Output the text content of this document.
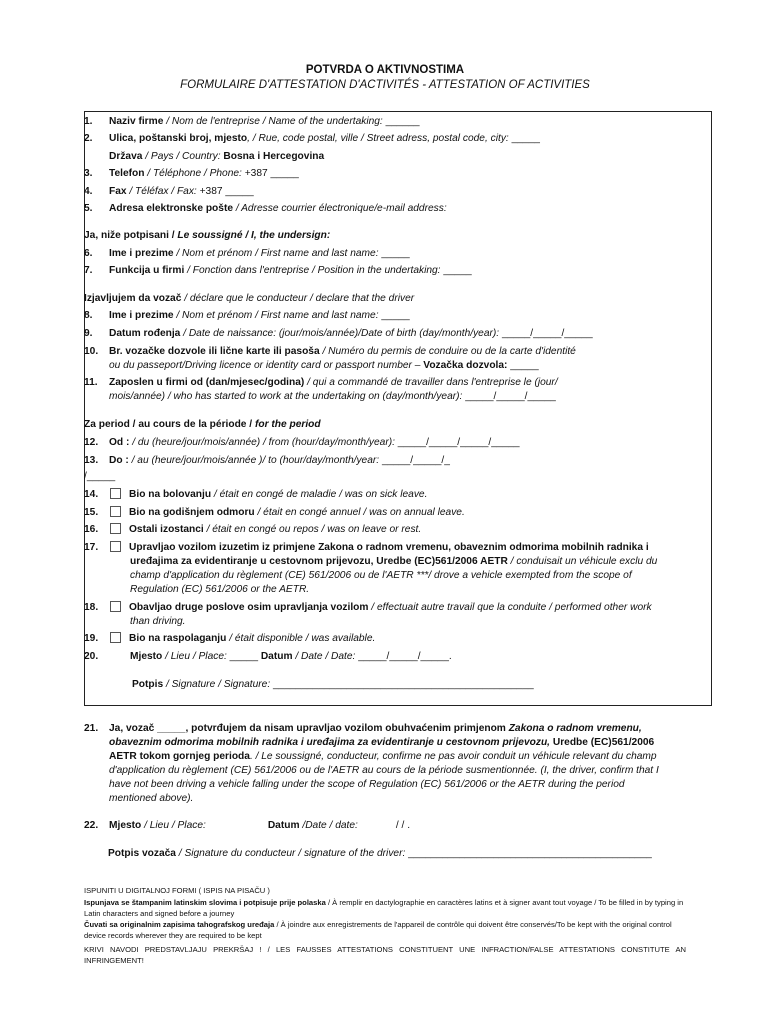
POTVRDA O AKTIVNOSTIMA
FORMULAIRE D'ATTESTATION D'ACTIVITÉS - ATTESTATION OF ACTIVITIES
1. Naziv firme / Nom de l'entreprise / Name of the undertaking: ______
2. Ulica, poštanski broj, mjesto, / Rue, code postal, ville / Street adress, postal code, city: _____
Država / Pays / Country: Bosna i Hercegovina
3. Telefon / Téléphone / Phone: +387 _____
4. Fax / Téléfax / Fax: +387 _____
5. Adresa elektronske pošte / Adresse courrier électronique/e-mail address:
Ja, niže potpisani / Le soussigné / I, the undersign:
6. Ime i prezime / Nom et prénom / First name and last name: _____
7. Funkcija u firmi / Fonction dans l'entreprise / Position in the undertaking: _____
Izjavljujem da vozač / déclare que le conducteur / declare that the driver
8. Ime i prezime / Nom et prénom / First name and last name: _____
9. Datum rođenja / Date de naissance: (jour/mois/année)/Date of birth (day/month/year): _____/_____/_____
10. Br. vozačke dozvole ili lične karte ili pasoša / Numéro du permis de conduire ou de la carte d'identité
ou du passeport/Driving licence or identity card or passport number – Vozačka dozvola: _____
11. Zaposlen u firmi od (dan/mjesec/godina) / qui a commandé de travailler dans l'entreprise le (jour/
mois/année) / who has started to work at the undertaking on (day/month/year): _____/_____/_____
Za period / au cours de la période / for the period
12. Od : / du (heure/jour/mois/année) / from (hour/day/month/year): _____/_____/_____/_____
13. Do : / au (heure/jour/mois/année )/ to (hour/day/month/year: _____/_____/_
/_____
14.	Bio na bolovanju / était en congé de maladie / was on sick leave.
15.	Bio na godišnjem odmoru / était en congé annuel / was on annual leave.
16.	Ostali izostanci / était en congé ou repos / was on leave or rest.
17.	Upravljao vozilom izuzetim iz primjene Zakona o radnom vremenu, obaveznim odmorima mobilnih radnika i
uređajima za evidentiranje u cestovnom prijevozu, Uredbe (EC)561/2006 AETR / conduisait un véhicule exclu du
champ d'application du règlement (CE) 561/2006 ou de l'AETR ***/ drove a vehicle exempted from the scope of
Regulation (EC) 561/2006 or the AETR.
18.	Obavljao druge poslove osim upravljanja vozilom / effectuait autre travail que la conduite / performed other work
than driving.
19.	Bio na raspolaganju / était disponible / was available.
20.	Mjesto / Lieu / Place: _____ Datum / Date / Date: _____/_____/_____.
Potpis / Signature / Signature: ______________________________________________
21. Ja, vozač _____, potvrđujem da nisam upravljao vozilom obuhvaćenim primjenom Zakona o radnom vremenu,
obaveznim odmorima mobilnih radnika i uređajima za evidentiranje u cestovnom prijevozu, Uredbe (EC)561/2006
AETR tokom gornjeg perioda. / Le soussigné, conducteur, confirme ne pas avoir conduit un véhicule relevant du champ
d'application du règlement (CE) 561/2006 ou de l'AETR au cours de la période susmentionnée. (I, the driver, confirm that I
have not been driving a vehicle falling under the scope of Regulation (EC) 561/2006 or the AETR during the period
mentioned above).
22. Mjesto / Lieu / Place:	Datum /Date / date:	/ / .
Potpis vozača / Signature du conducteur / signature of the driver: ___________________________________________
ISPUNITI U DIGITALNOJ FORMI ( ISPIS NA PISAČU )
Ispunjava se štampanim latinskim slovima i potpisuje prije polaska / À remplir en dactylographie en caractères latins et à signer avant tout voyage / To be filled in by typing in Latin characters and signed before a journey
Čuvati sa originalnim zapisima tahografskog uređaja / À joindre aux enregistrements de l'appareil de contrôle qui doivent être conservés/To be kept with the original control device records wherever they are required to be kept
KRIVI NAVODI PREDSTAVLJAJU PREKRŠAJ ! / LES FAUSSES ATTESTATIONS CONSTITUENT UNE INFRACTION/FALSE ATTESTATIONS CONSTITUTE AN INFRINGEMENT!
